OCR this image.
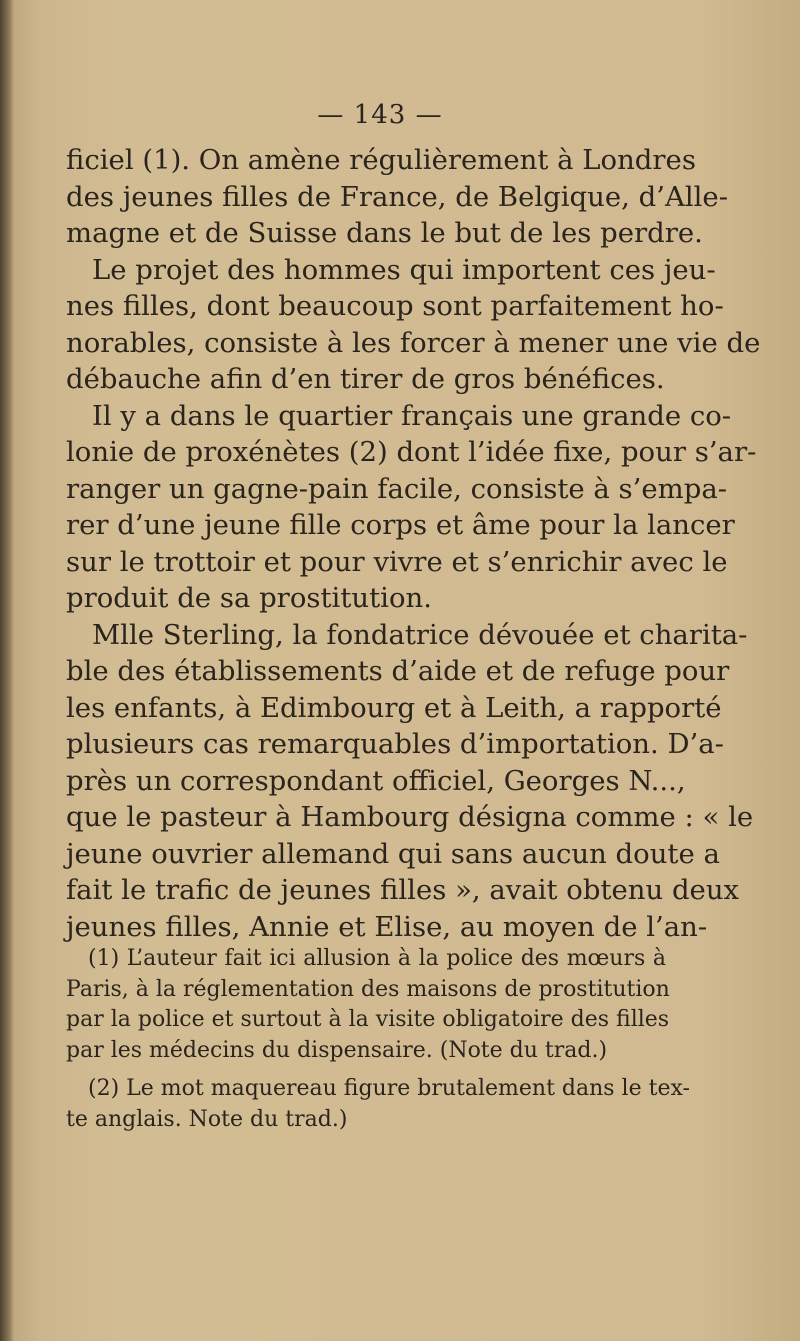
— 143 —
ficiel (1). On amène régulièrement à Londres
des jeunes filles de France, de Belgique, d’Alle-
magne et de Suisse dans le but de les perdre.
Le projet des hommes qui importent ces jeu-
nes filles, dont beaucoup sont parfaitement ho-
norables, consiste à les forcer à mener une vie de
débauche afin d’en tirer de gros bénéfices.
Il y a dans le quartier français une grande co-
lonie de proxénètes (2) dont l’idée fixe, pour s’ar-
ranger un gagne-pain facile, consiste à s’empa-
rer d’une jeune fille corps et âme pour la lancer
sur le trottoir et pour vivre et s’enrichir avec le
produit de sa prostitution.
Mlle Sterling, la fondatrice dévouée et charita-
ble des établissements d’aide et de refuge pour
les enfants, à Edimbourg et à Leith, a rapporté
plusieurs cas remarquables d’importation. D’a-
près un correspondant officiel, Georges N...,
que le pasteur à Hambourg désigna comme : « le
jeune ouvrier allemand qui sans aucun doute a
fait le trafic de jeunes filles », avait obtenu deux
jeunes filles, Annie et Elise, au moyen de l’an-
(1) L’auteur fait ici allusion à la police des mœurs à
Paris, à la réglementation des maisons de prostitution
par la police et surtout à la visite obligatoire des filles
par les médecins du dispensaire. (Note du trad.)
(2) Le mot maquereau figure brutalement dans le tex-
te anglais. Note du trad.)
